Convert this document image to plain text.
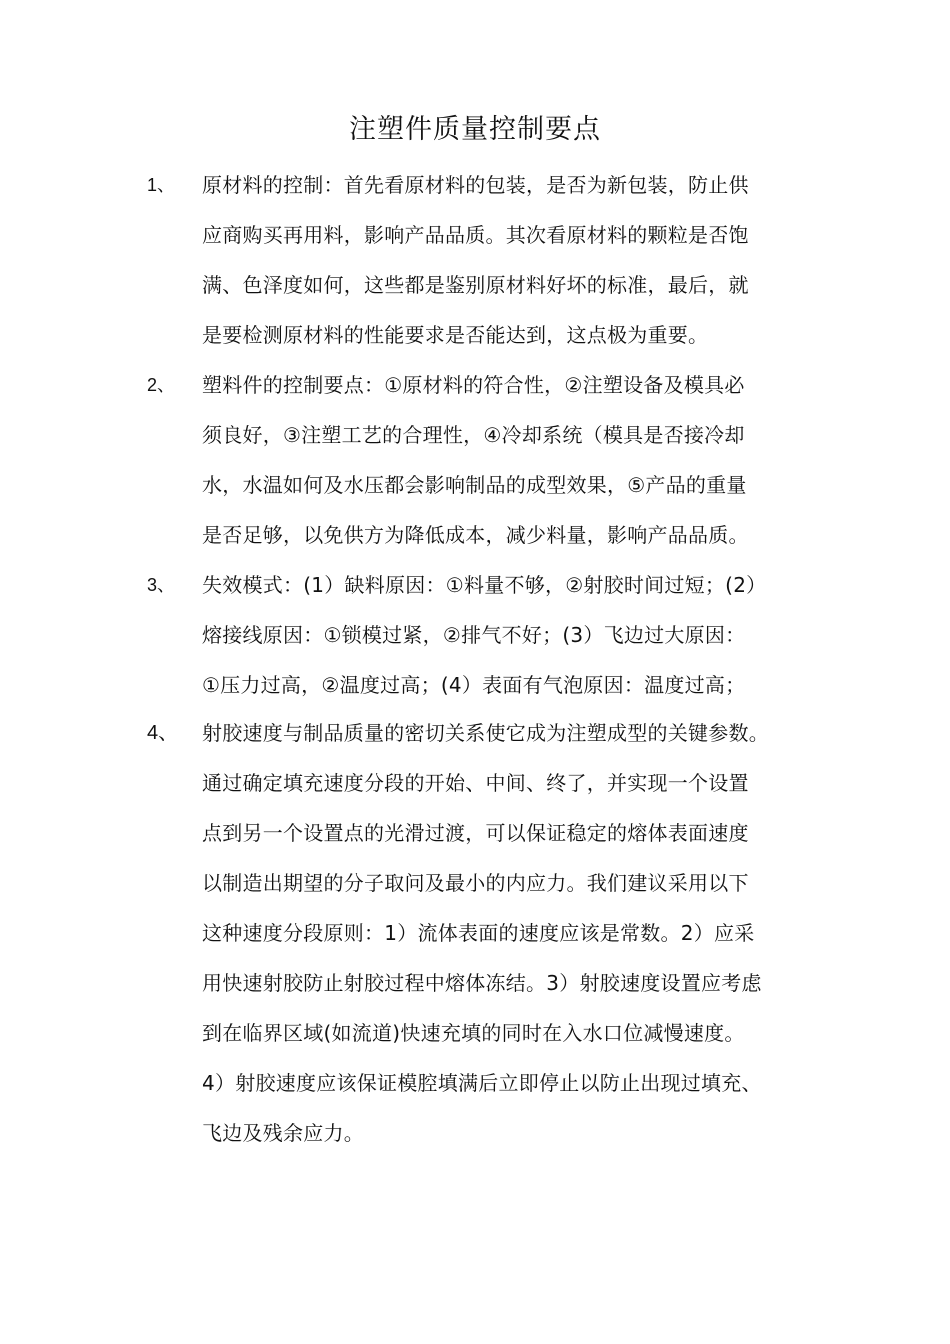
注塑件质量控制要点
1、	原材料的控制：首先看原材料的包装，是否为新包装，防止供
应商购买再用料，影响产品品质。其次看原材料的颗粒是否饱
满、色泽度如何，这些都是鉴别原材料好坏的标准，最后，就
是要检测原材料的性能要求是否能达到，这点极为重要。
2、	塑料件的控制要点：①原材料的符合性，②注塑设备及模具必
须良好，③注塑工艺的合理性，④冷却系统（模具是否接冷却
水，水温如何及水压都会影响制品的成型效果，⑤产品的重量
是否足够，以免供方为降低成本，减少料量，影响产品品质。
3、	失效模式：(1）缺料原因：①料量不够，②射胶时间过短；(2）
熔接线原因：①锁模过紧，②排气不好；(3）飞边过大原因：
①压力过高，②温度过高；(4）表面有气泡原因：温度过高；
4、	射胶速度与制品质量的密切关系使它成为注塑成型的关键参数。
通过确定填充速度分段的开始、中间、终了，并实现一个设置
点到另一个设置点的光滑过渡，可以保证稳定的熔体表面速度
以制造出期望的分子取问及最小的内应力。我们建议采用以下
这种速度分段原则：1）流体表面的速度应该是常数。2）应采
用快速射胶防止射胶过程中熔体冻结。3）射胶速度设置应考虑
到在临界区域(如流道)快速充填的同时在入水口位减慢速度。
4）射胶速度应该保证模腔填满后立即停止以防止出现过填充、
飞边及残余应力。
